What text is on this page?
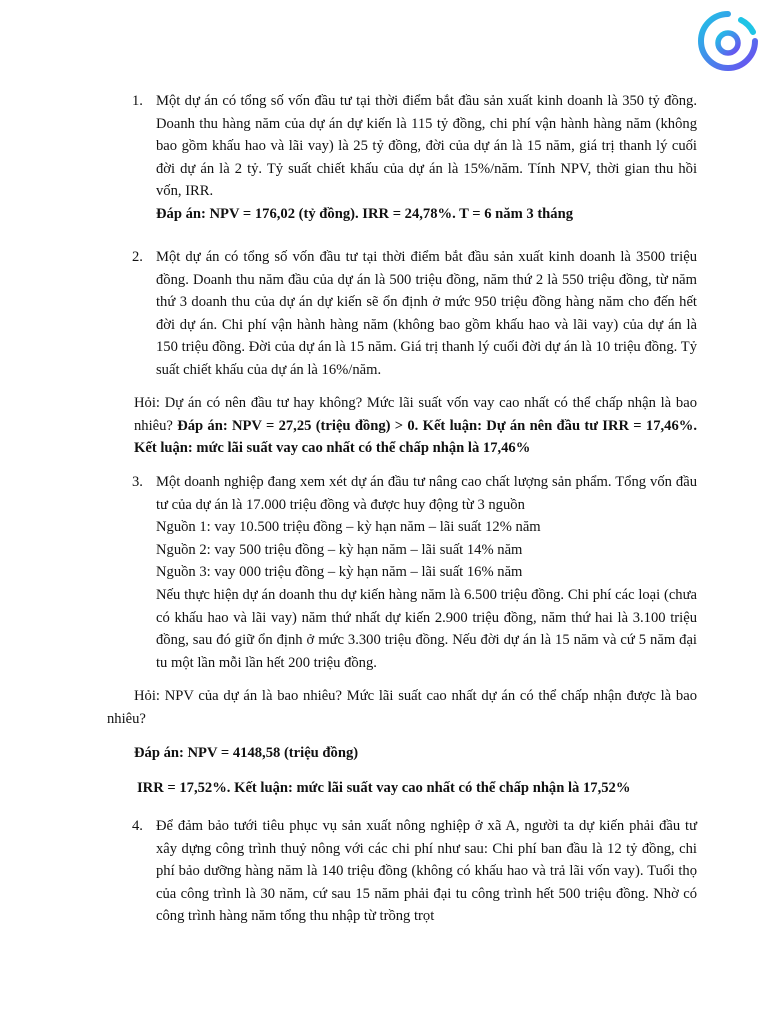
1. Một dự án có tổng số vốn đầu tư tại thời điểm bắt đầu sản xuất kinh doanh là 350 tỷ đồng. Doanh thu hàng năm của dự án dự kiến là 115 tỷ đồng, chi phí vận hành hàng năm (không bao gồm khấu hao và lãi vay) là 25 tỷ đồng, đời của dự án là 15 năm, giá trị thanh lý cuối đời dự án là 2 tỷ. Tỷ suất chiết khấu của dự án là 15%/năm. Tính NPV, thời gian thu hồi vốn, IRR.

Đáp án: NPV = 176,02 (tỷ đồng). IRR = 24,78%. T = 6 năm 3 tháng

2. Một dự án có tổng số vốn đầu tư tại thời điểm bắt đầu sản xuất kinh doanh là 3500 triệu đồng. Doanh thu năm đầu của dự án là 500 triệu đồng, năm thứ 2 là 550 triệu đồng, từ năm thứ 3 doanh thu của dự án dự kiến sẽ ổn định ở mức 950 triệu đồng hàng năm cho đến hết đời dự án. Chi phí vận hành hàng năm (không bao gồm khấu hao và lãi vay) của dự án là 150 triệu đồng. Đời của dự án là 15 năm. Giá trị thanh lý cuối đời dự án là 10 triệu đồng. Tỷ suất chiết khấu của dự án là 16%/năm.

Hỏi: Dự án có nên đầu tư hay không? Mức lãi suất vốn vay cao nhất có thể chấp nhận là bao nhiêu? Đáp án: NPV = 27,25 (triệu đồng) > 0. Kết luận: Dự án nên đầu tư IRR = 17,46%. Kết luận: mức lãi suất vay cao nhất có thể chấp nhận là 17,46%
3. Một doanh nghiệp đang xem xét dự án đầu tư nâng cao chất lượng sản phẩm. Tổng vốn đầu tư của dự án là 17.000 triệu đồng và được huy động từ 3 nguồn

Nguồn 1: vay 10.500 triệu đồng – kỳ hạn năm – lãi suất 12% năm

Nguồn 2: vay 500 triệu đồng – kỳ hạn năm – lãi suất 14% năm

Nguồn 3: vay 000 triệu đồng – kỳ hạn năm – lãi suất 16% năm

Nếu thực hiện dự án doanh thu dự kiến hàng năm là 6.500 triệu đồng. Chi phí các loại (chưa có khấu hao và lãi vay) năm thứ nhất dự kiến 2.900 triệu đồng, năm thứ hai là 3.100 triệu đồng, sau đó giữ ổn định ở mức 3.300 triệu đồng. Nếu đời dự án là 15 năm và cứ 5 năm đại tu một lần mỗi lần hết 200 triệu đồng.

Hỏi: NPV của dự án là bao nhiêu? Mức lãi suất cao nhất dự án có thể chấp nhận được là bao nhiêu?
Đáp án: NPV = 4148,58 (triệu đồng)
IRR = 17,52%. Kết luận: mức lãi suất vay cao nhất có thể chấp nhận là 17,52%
4. Để đảm bảo tưới tiêu phục vụ sản xuất nông nghiệp ở xã A, người ta dự kiến phải đầu tư xây dựng công trình thuỷ nông với các chi phí như sau: Chi phí ban đầu là 12 tỷ đồng, chi phí bảo dưỡng hàng năm là 140 triệu đồng (không có khấu hao và trả lãi vốn vay). Tuổi thọ của công trình là 30 năm, cứ sau 15 năm phải đại tu công trình hết 500 triệu đồng. Nhờ có công trình hàng năm tổng thu nhập từ trồng trọt
